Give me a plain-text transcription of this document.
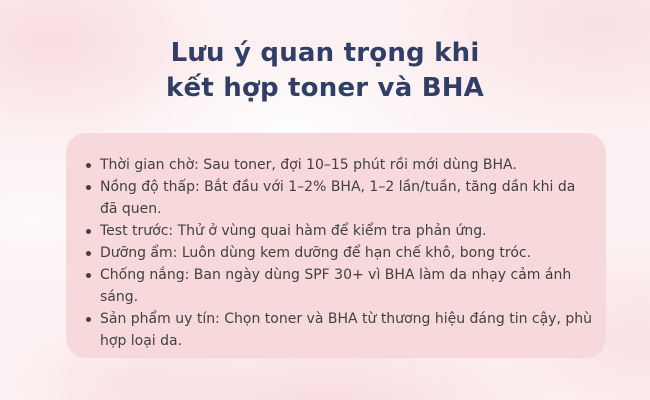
Lưu ý quan trọng khi
kết hợp toner và BHA
Thời gian chờ: Sau toner, đợi 10–15 phút rồi mới dùng BHA.
Nồng độ thấp: Bắt đầu với 1–2% BHA, 1–2 lần/tuần, tăng dần khi da đã quen.
Test trước: Thử ở vùng quai hàm để kiểm tra phản ứng.
Dưỡng ẩm: Luôn dùng kem dưỡng để hạn chế khô, bong tróc.
Chống nắng: Ban ngày dùng SPF 30+ vì BHA làm da nhạy cảm ánh sáng.
Sản phẩm uy tín: Chọn toner và BHA từ thương hiệu đáng tin cậy, phù hợp loại da.
